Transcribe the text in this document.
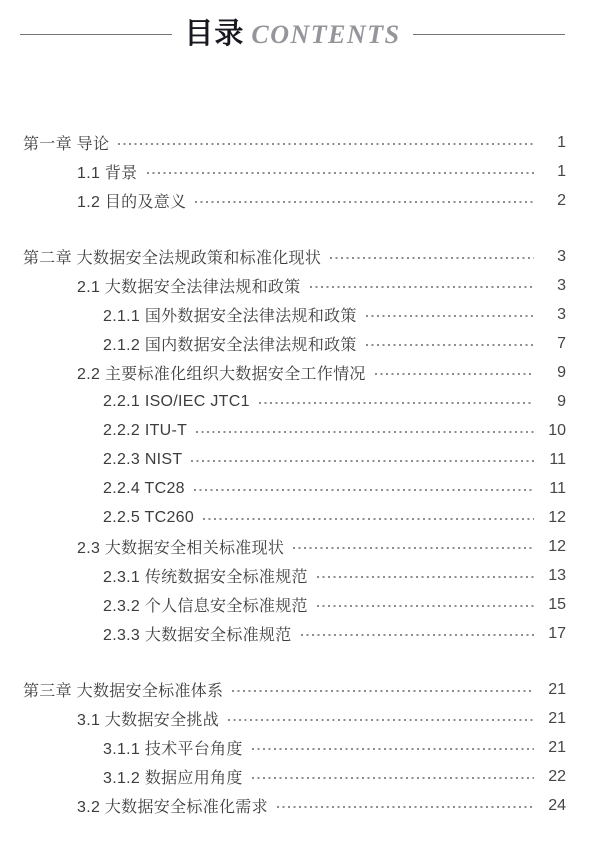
目录 CONTENTS
第一章 导论	1
1.1 背景	1
1.2 目的及意义	2
第二章 大数据安全法规政策和标准化现状	3
2.1 大数据安全法律法规和政策	3
2.1.1 国外数据安全法律法规和政策	3
2.1.2 国内数据安全法律法规和政策	7
2.2 主要标准化组织大数据安全工作情况	9
2.2.1 ISO/IEC JTC1	9
2.2.2 ITU-T	10
2.2.3 NIST	11
2.2.4 TC28	11
2.2.5 TC260	12
2.3 大数据安全相关标准现状	12
2.3.1 传统数据安全标准规范	13
2.3.2 个人信息安全标准规范	15
2.3.3 大数据安全标准规范	17
第三章 大数据安全标准体系	21
3.1 大数据安全挑战	21
3.1.1 技术平台角度	21
3.1.2 数据应用角度	22
3.2 大数据安全标准化需求	24
